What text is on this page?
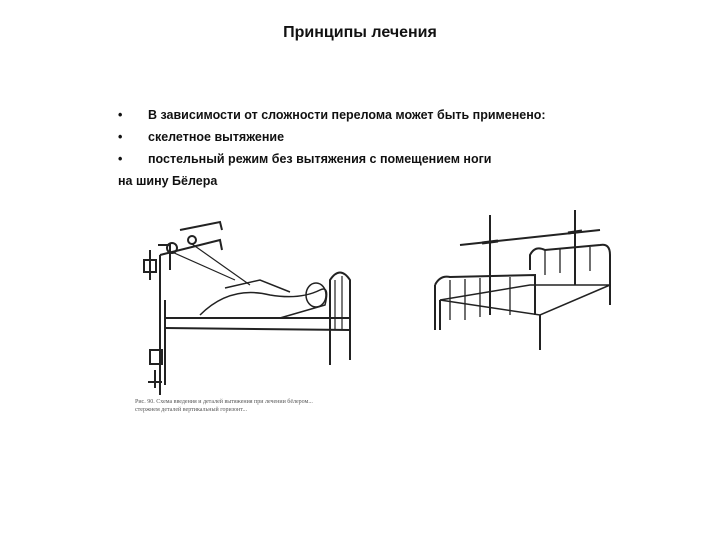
Принципы лечения
•	В зависимости от сложности перелома может быть применено:
•	скелетное вытяжение
•	постельный режим без вытяжения с помещением ноги
на шину Бёлера
Рис. 90. Схема введения и деталей вытяжения при лечении бёлером...
стержнем деталей вертикальный горизонт...
